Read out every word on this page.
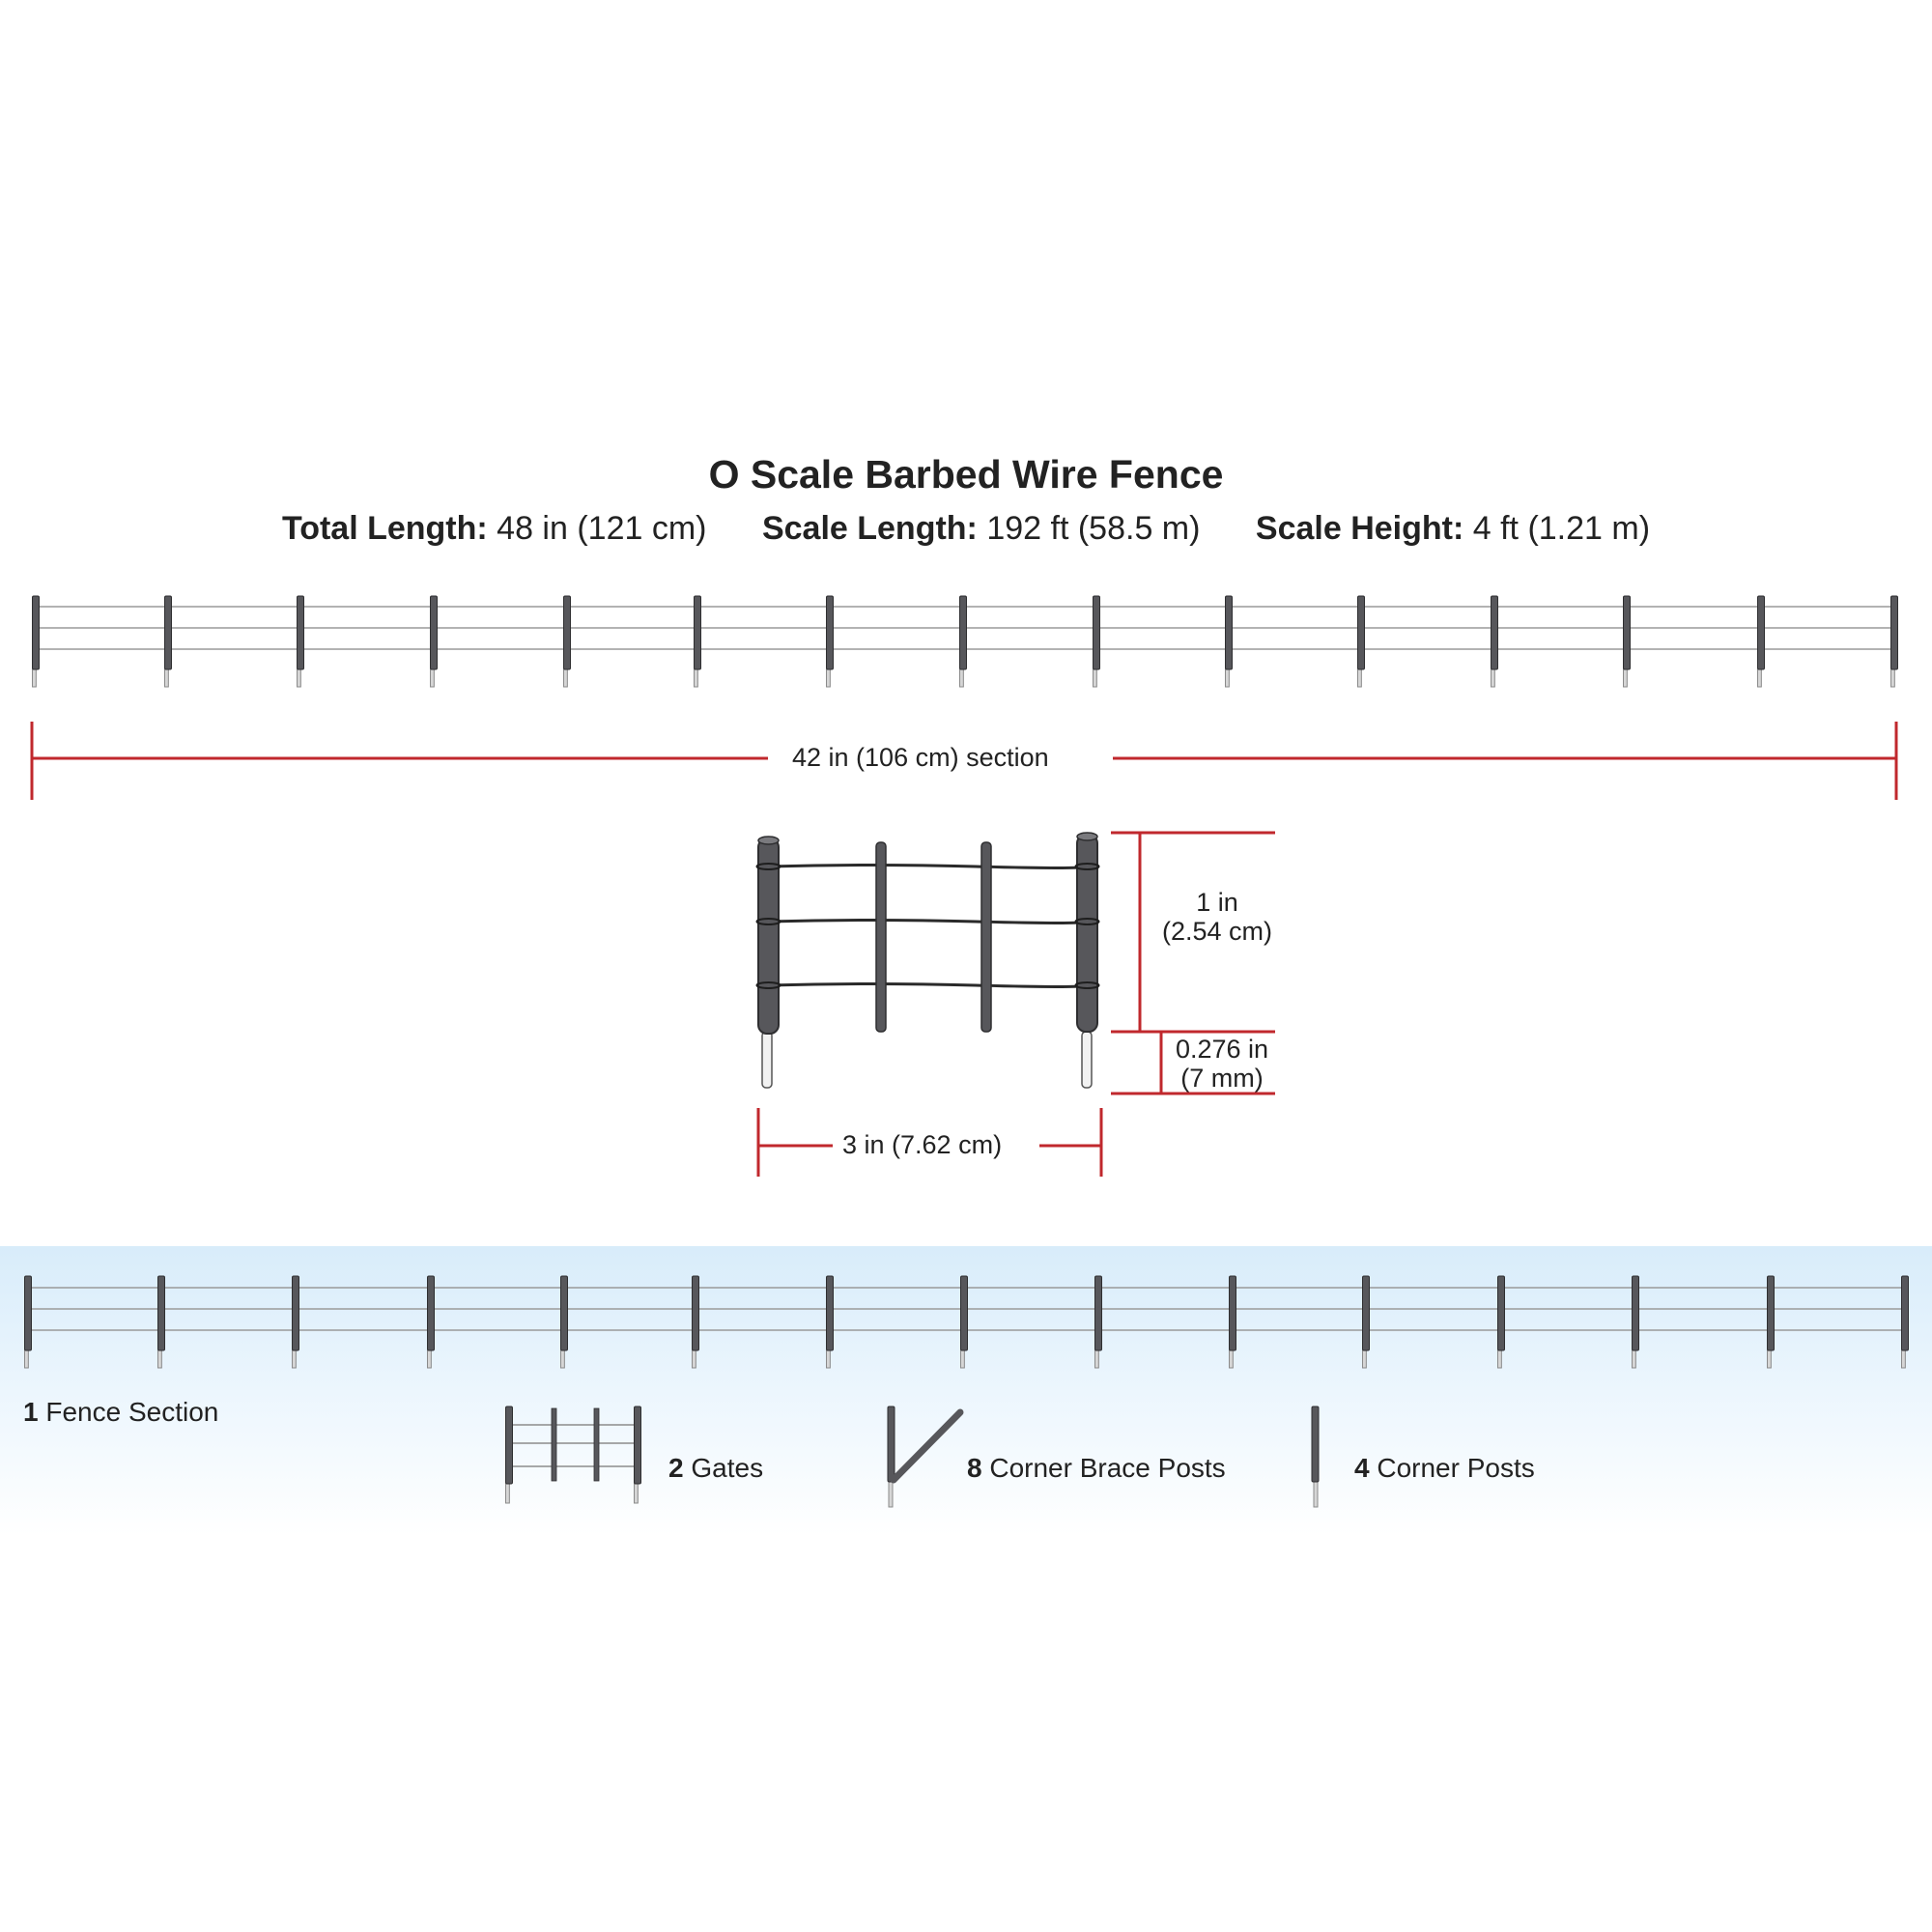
O Scale Barbed Wire Fence
Total Length: 48 in (121 cm) Scale Length: 192 ft (58.5 m) Scale Height: 4 ft (1.21 m)
42 in (106 cm) section
1 in
(2.54 cm)
0.276 in
(7 mm)
3 in (7.62 cm)
1 Fence Section
2 Gates	8 Corner Brace Posts	4 Corner Posts
